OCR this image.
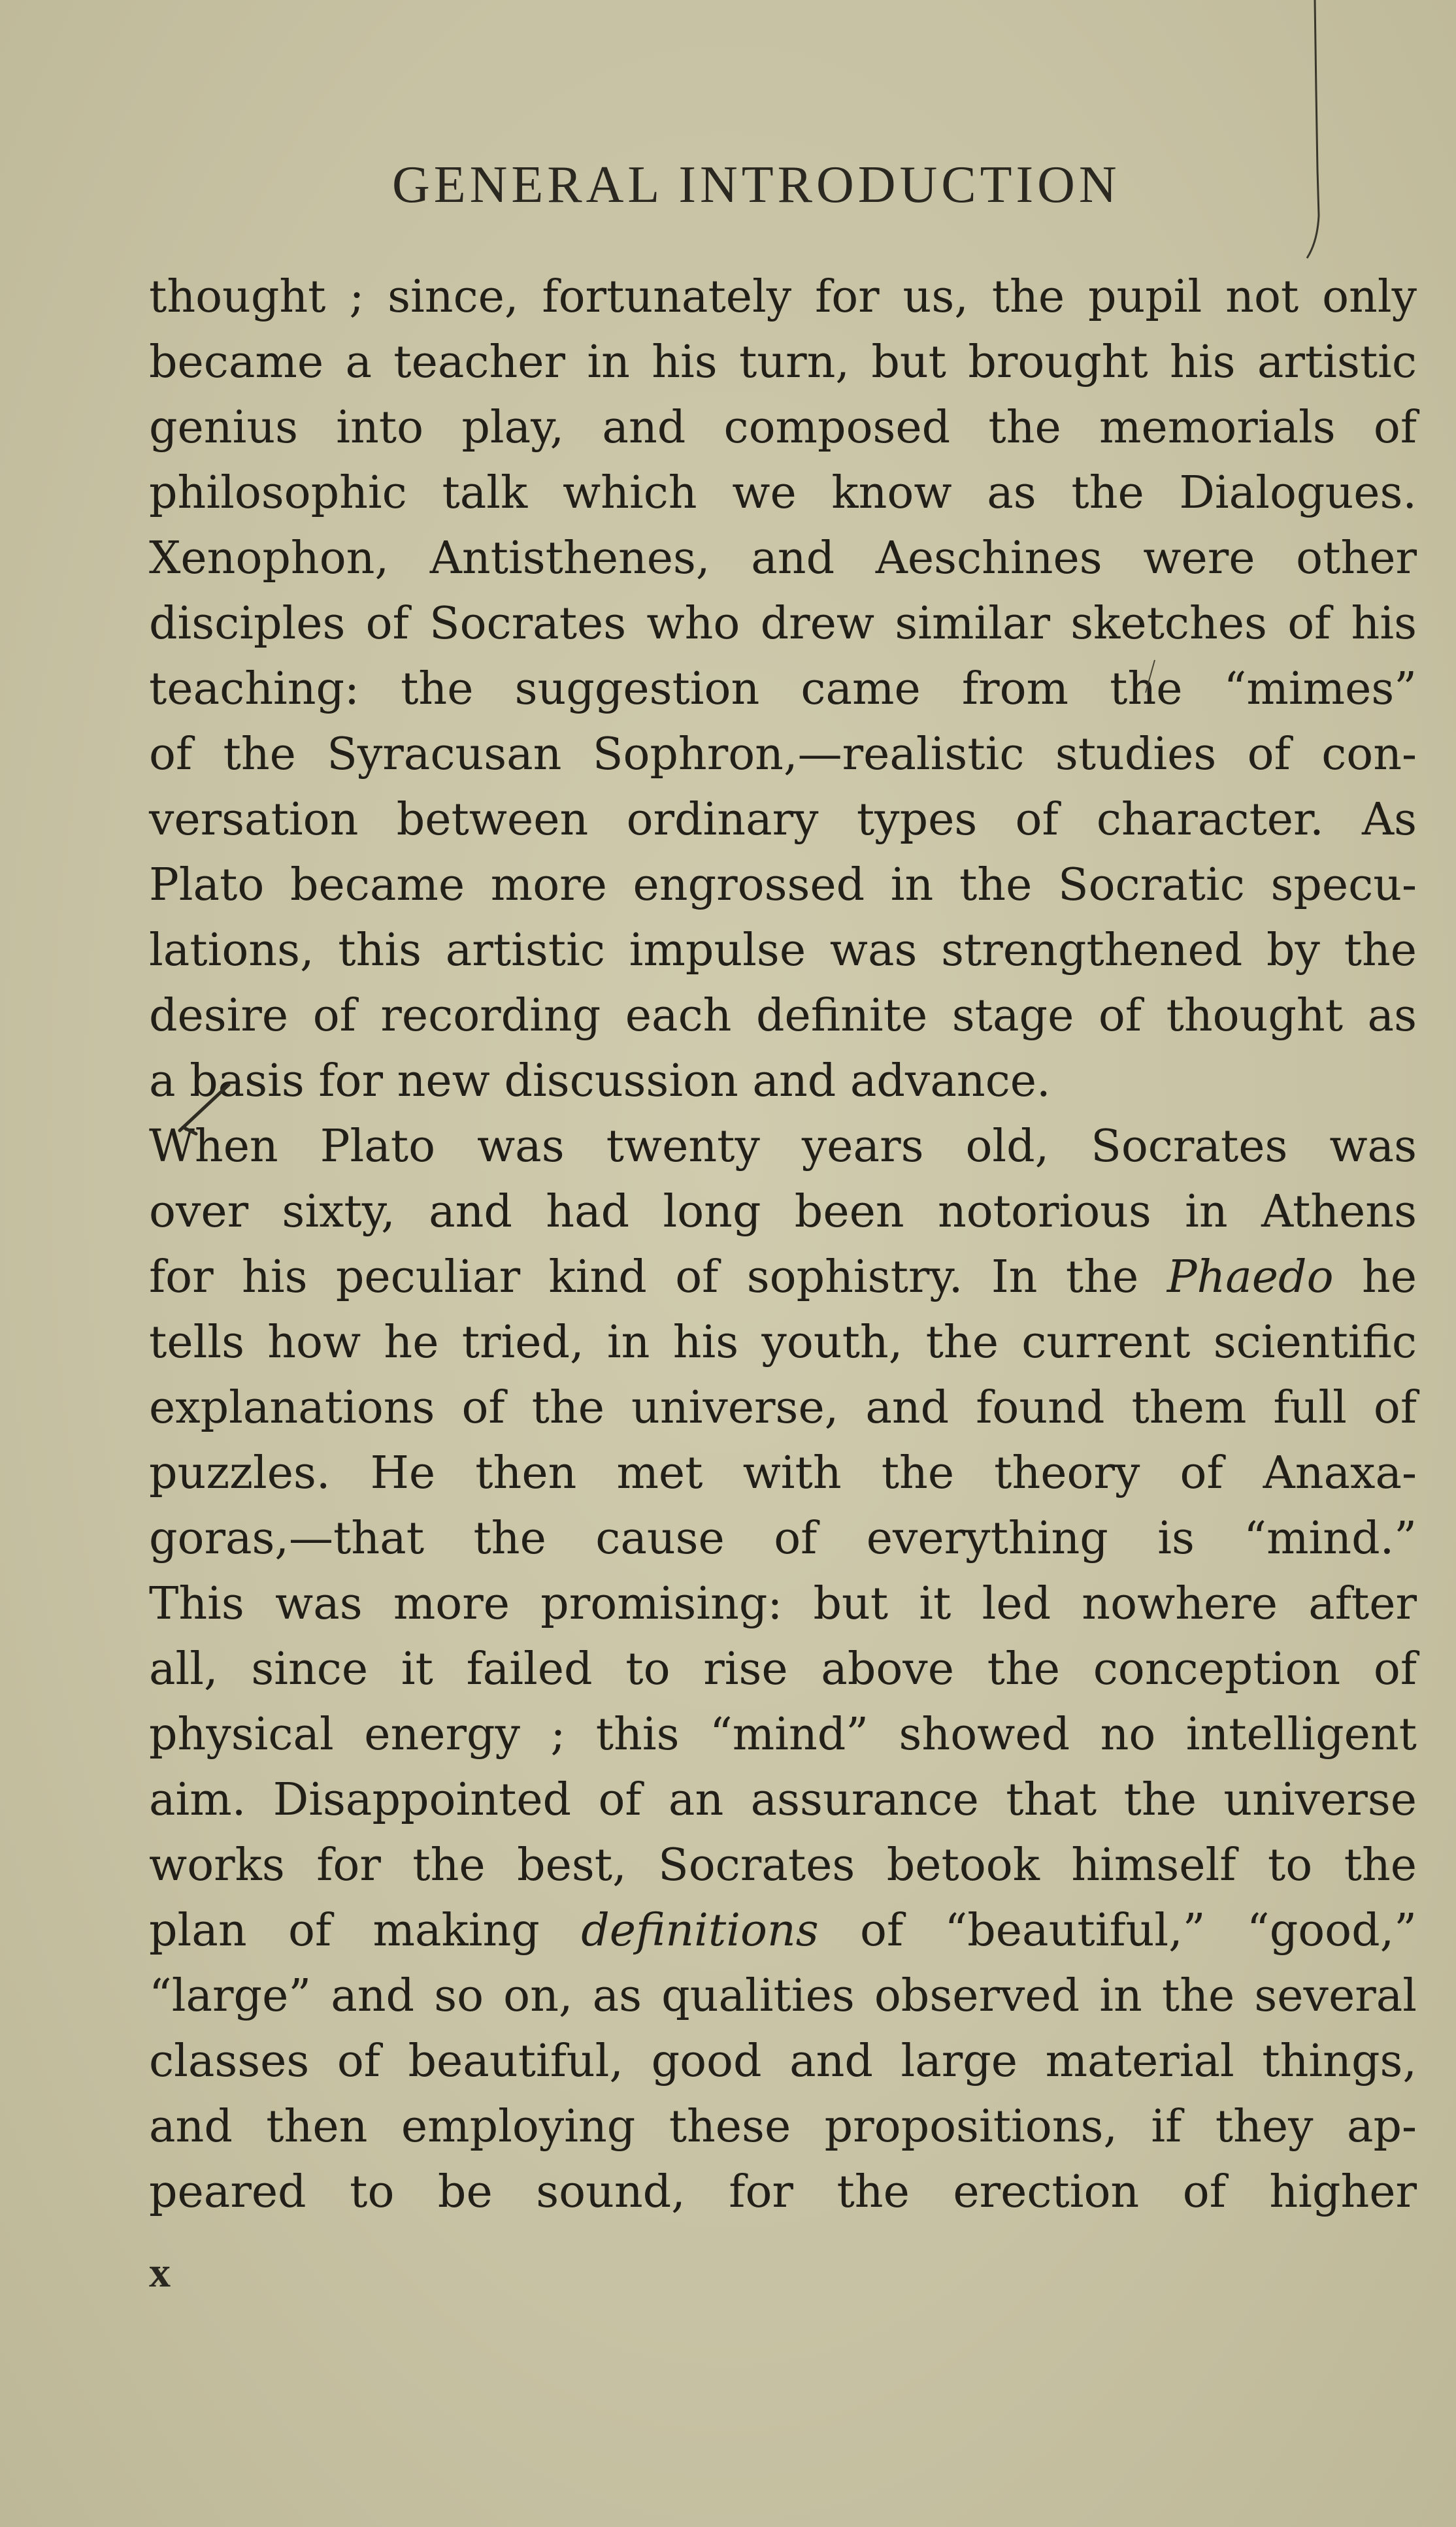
GENERAL INTRODUCTION
thought ; since, fortunately for us, the pupil not only
became a teacher in his turn, but brought his artistic
genius into play, and composed the memorials of
philosophic talk which we know as the Dialogues.
Xenophon, Antisthenes, and Aeschines were other
disciples of Socrates who drew similar sketches of his
teaching: the suggestion came from the “mimes”
of the Syracusan Sophron,—realistic studies of con-
versation between ordinary types of character. As
Plato became more engrossed in the Socratic specu-
lations, this artistic impulse was strengthened by the
desire of recording each definite stage of thought as
a basis for new discussion and advance.
When Plato was twenty years old, Socrates was
over sixty, and had long been notorious in Athens
for his peculiar kind of sophistry. In the Phaedo he
tells how he tried, in his youth, the current scientific
explanations of the universe, and found them full of
puzzles. He then met with the theory of Anaxa-
goras,—that the cause of everything is “mind.”
This was more promising: but it led nowhere after
all, since it failed to rise above the conception of
physical energy ; this “mind” showed no intelligent
aim. Disappointed of an assurance that the universe
works for the best, Socrates betook himself to the
plan of making definitions of “beautiful,” “good,”
“large” and so on, as qualities observed in the several
classes of beautiful, good and large material things,
and then employing these propositions, if they ap-
peared to be sound, for the erection of higher
x
